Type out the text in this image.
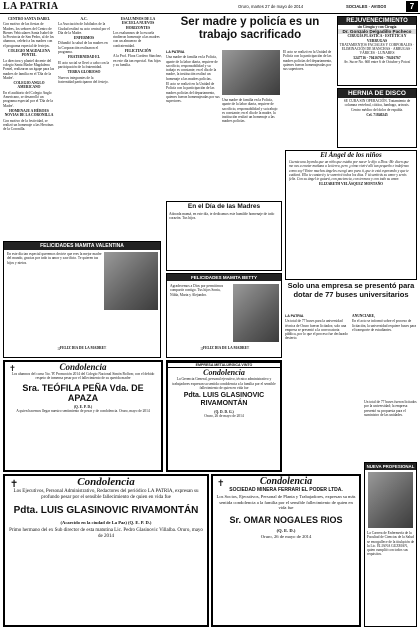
LA PATRIA	Oruro, martes 27 de mayo de 2014	SOCIALES · AVISOS	7

CENTRO SANTA ISABEL

Con motivo de las fiestas de Madres, los señores del Centro de Bienes Vehiculares Santa Isabel de la Provincia de San Pedro, al de los alumnos, celebró a las madres con el programa especial de festejos.

COLEGIO MAGDALENA PONTEL

La directora y plantel docente del colegio Santa Madre Magdalena Pontel, realizaron un ágape para las madres de familia en el 'Día de la Madre'.

COLEGIO ANGLO AMERICANO

En el auditorio del Colegio Anglo Americano, se desarrolló un programa especial por el 'Día de la Madre'.

HOMENAJE A HÉROES NOVIAS DE LA CORONILLA

Con motivo de la festividad, se realizó un homenaje a las Heroínas de la Coronilla.

A.C.

La Asociación de Jubilados de la Ciudad realizó su acto central por el Día de la Madre.

ENFERMOS

Difundió la salud de las madres en la Corporación realizaron el programa.

FRATERNIDAD EL

El acto social se llevó a cabo con la participación de la fraternidad.

TERRA GLORIOSO

Nuevos integrantes de la fraternidad participaron del festejo.

ESALUMNOS DE LA ESCUELA NUEVOS HORIZONTES

Los exalumnos de la escuela rindieron homenaje a las madres con un almuerzo de confraternidad.

FELICITACIÓN

A la Prof. Flora Cordero Sánchez, en este día tan especial. Sus hijos y su familia.

Ser madre y policía es un trabajo sacrificado

LA PATRIA

Una madre de familia en la Policía, aparte de la labor diaria, requiere de sacrificio, responsabilidad y su trabajo es constante; en el día de la madre, la institución realizó un homenaje a las madres policías.

El acto se realizó en la Unidad de Policía con la participación de las madres policías del departamento, quienes fueron homenajeadas por sus superiores.	Una madre de familia en la Policía, aparte de la labor diaria, requiere de sacrificio, responsabilidad y su trabajo es constante; en el día de la madre, la institución realizó un homenaje a las madres policías.

El acto se realizó en la Unidad de Policía con la participación de las madres policías del departamento, quienes fueron homenajeadas por sus superiores.

En el Día de las Madres
Adorada mamá, en este día, te dedicamos este humilde homenaje de todo corazón. Tus hijos.
FELICIDADES MAMITA VALENTINA
En este día tan especial queremos decirte que eres la mejor madre del mundo, gracias por todo tu amor y sacrificio. Te quieren tus hijos y nietos.
¡¡FELIZ DÍA DE LA MADRE!!
FELICIDADES MAMITA BETTY
Agradecemos a Dios por permitirnos compartir contigo. Tus hijos Sonia, Nilda, Marta y Alejandro.
¡¡FELIZ DÍA DE LA MADRE!!
REJUVENECIMIENTO
sin Cirugía y con Cirugía
Dr. Gonzalo Delgadillo Pacheco
CIRUGÍA PLÁSTICA - ESTÉTICA Y VERRUGAS
TRATAMIENTOS FACIALES Y CORPORALES · ELIMINACIÓN DE MANCHAS · ARRUGAS · VÁRICES · LUNARES
5247716 - 70416766 - 70416767
Av. Sucre No. 660 entre 6 de Octubre y Potosí
HERNIA DE DISCO
SE CURA SIN OPERACIÓN. Tratamiento de columna vertebral, ciática, lumbago, artrosis. Centro médico del dolor de espalda.
Cel. 71840245
El Ángel de los niños
Cuenta una leyenda que un niño que estaba por nacer le dijo a Dios: Me dicen que me vas a enviar mañana a la tierra, pero ¿cómo viviré allí tan pequeño e indefenso como soy? Entre muchos ángeles escogí uno para ti, que te está esperando y que te cuidará. Ella te cantará y te sonreirá todos los días. Y tú sentirás su amor y serás feliz. Con su ángel te guiará, con paciencia, con ternura y con todo su amor.
ELIZABETH VELÁSQUEZ MONTAÑO
Solo una empresa se presentó para dotar de 77 buses universitarios

LA PATRIA

Un total de 77 buses para la universidad técnica de Oruro fueron licitados; solo una empresa se presentó a la convocatoria pública, por lo que el proceso fue declarado desierto.

ANUNCIARE,

En el acto se informó sobre el proceso de licitación, la universidad requiere buses para el transporte de estudiantes.

✝	Condolencia
Los alumnos del curso 5to. 'B' Promoción 2014 del Colegio Nacional Simón Bolívar, con el debido respeto de inmensa pesar por el fallecimiento de su querida madre
Sra. TEÓFILA PEÑA Vda. DE APAZA
(Q. E. P. D.)
A quien hacemos llegar nuestro sentimiento de pesar y de condolencia. Oruro, mayo de 2014
EMPRESA METALÚRGICA VINTO
Condolencia
La Gerencia General, personal ejecutivo, técnico administrativo y trabajadores expresan su sentida condolencia a la familia por el sensible fallecimiento de quien en vida fue
Pdta. LUIS GLASINOVIC RIVAMONTÁN
(Q. D. D. G.)
Oruro, 26 de mayo de 2014
✝	Condolencia
Los Ejecutivos, Personal Administrativo, Redactores del periódico LA PATRIA, expresan su profundo pesar por el sensible fallecimiento de quien en vida fue
Pdta. LUIS GLASINOVIC RIVAMONTÁN
(Acaecido en la ciudad de La Paz) (Q. E. P. D.)
Primo hermano del ex Sub director de esta matutina Lic. Pedro Glasinovic Villalba. Oruro, mayo de 2014
✝	Condolencia
SOCIEDAD MINERA FERRARI EL PODER LTDA.
Los Socios, Ejecutivos, Personal de Planta y Trabajadores, expresan su más sentida condolencia a la familia por el sensible fallecimiento de quien en vida fue
Sr. OMAR NOGALES RIOS
(Q. E. D.)
Oruro, 26 de mayo de 2014

Un total de 77 buses fueron licitados por la universidad; la empresa presentó su propuesta para el suministro de las unidades.

NUEVA PROFESIONAL
La Carrera de Enfermería de la Facultad de Ciencias de la Salud se enorgullece de la titulación de la Lic. ELIANA GUZMÁN, quien cumplió con todos sus requisitos.
